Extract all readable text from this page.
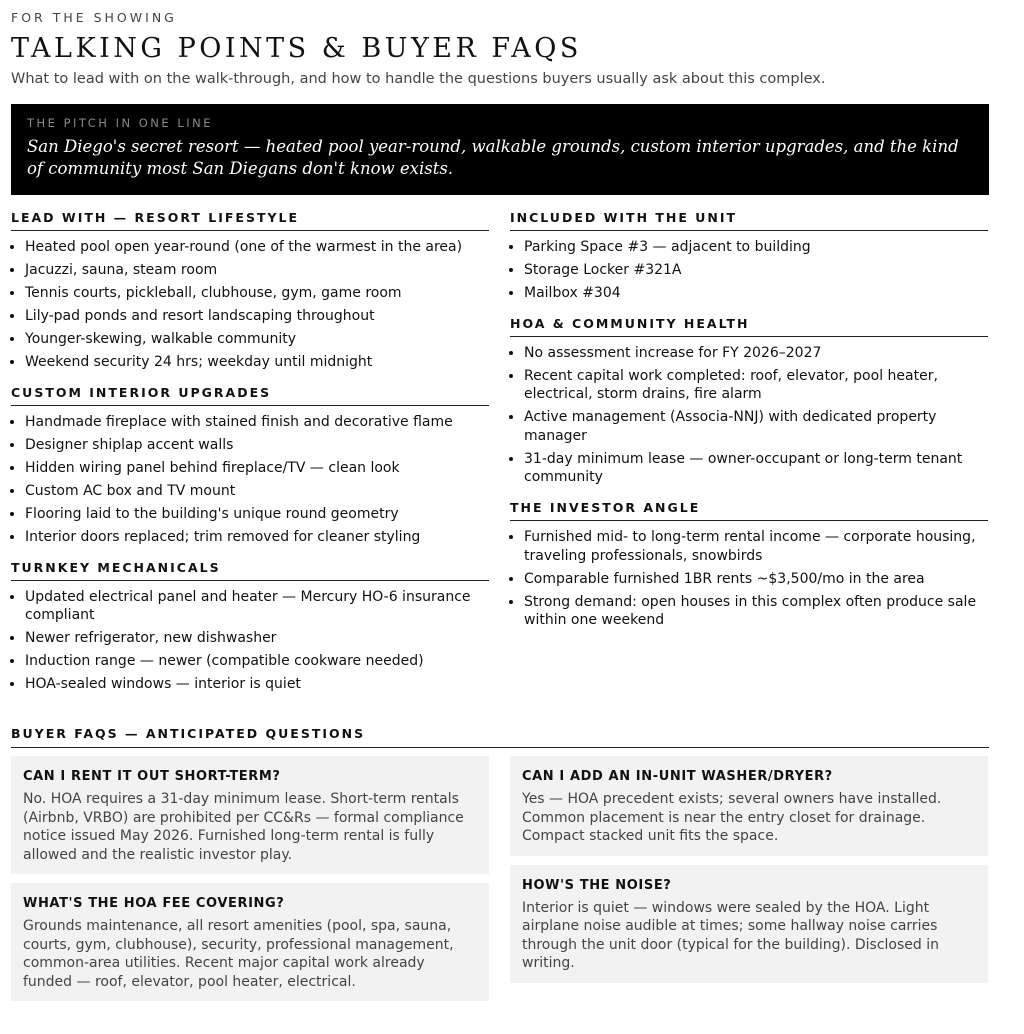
FOR THE SHOWING
TALKING POINTS & BUYER FAQS
What to lead with on the walk-through, and how to handle the questions buyers usually ask about this complex.
THE PITCH IN ONE LINE
San Diego's secret resort — heated pool year-round, walkable grounds, custom interior upgrades, and the kind of community most San Diegans don't know exists.
LEAD WITH — RESORT LIFESTYLE
• Heated pool open year-round (one of the warmest in the area)
• Jacuzzi, sauna, steam room
• Tennis courts, pickleball, clubhouse, gym, game room
• Lily-pad ponds and resort landscaping throughout
• Younger-skewing, walkable community
• Weekend security 24 hrs; weekday until midnight
CUSTOM INTERIOR UPGRADES
• Handmade fireplace with stained finish and decorative flame
• Designer shiplap accent walls
• Hidden wiring panel behind fireplace/TV — clean look
• Custom AC box and TV mount
• Flooring laid to the building's unique round geometry
• Interior doors replaced; trim removed for cleaner styling
TURNKEY MECHANICALS
• Updated electrical panel and heater — Mercury HO-6 insurance compliant
• Newer refrigerator, new dishwasher
• Induction range — newer (compatible cookware needed)
• HOA-sealed windows — interior is quiet
INCLUDED WITH THE UNIT
• Parking Space #3 — adjacent to building
• Storage Locker #321A
• Mailbox #304
HOA & COMMUNITY HEALTH
• No assessment increase for FY 2026–2027
• Recent capital work completed: roof, elevator, pool heater, electrical, storm drains, fire alarm
• Active management (Associa-NNJ) with dedicated property manager
• 31-day minimum lease — owner-occupant or long-term tenant community
THE INVESTOR ANGLE
• Furnished mid- to long-term rental income — corporate housing, traveling professionals, snowbirds
• Comparable furnished 1BR rents ~$3,500/mo in the area
• Strong demand: open houses in this complex often produce sale within one weekend
BUYER FAQS — ANTICIPATED QUESTIONS
CAN I RENT IT OUT SHORT-TERM?
No. HOA requires a 31-day minimum lease. Short-term rentals (Airbnb, VRBO) are prohibited per CC&Rs — formal compliance notice issued May 2026. Furnished long-term rental is fully allowed and the realistic investor play.
WHAT'S THE HOA FEE COVERING?
Grounds maintenance, all resort amenities (pool, spa, sauna, courts, gym, clubhouse), security, professional management, common-area utilities. Recent major capital work already funded — roof, elevator, pool heater, electrical.
CAN I ADD AN IN-UNIT WASHER/DRYER?
Yes — HOA precedent exists; several owners have installed. Common placement is near the entry closet for drainage. Compact stacked unit fits the space.
HOW'S THE NOISE?
Interior is quiet — windows were sealed by the HOA. Light airplane noise audible at times; some hallway noise carries through the unit door (typical for the building). Disclosed in writing.
